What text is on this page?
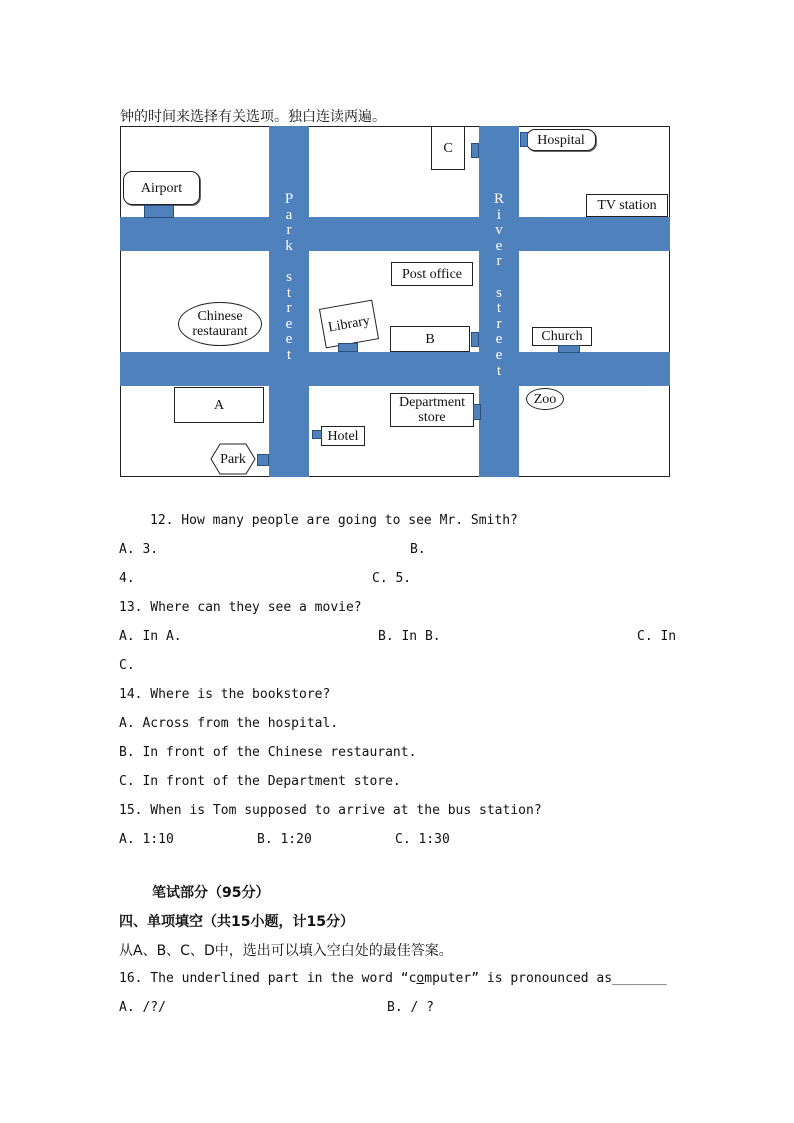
钟的时间来选择有关选项。独白连读两遍。
P
a
r
k

s
t
r
e
e
t
R
i
v
e
r

s
t
r
e
e
t
C
Hospital
Airport
TV station
Post office
Chinese
restaurant	Library
B	Church
A	Department
store
Zoo
Hotel
Park
12. How many people are going to see Mr. Smith?
A. 3.	B.
4.	C. 5.
13. Where can they see a movie?
A. In A.	B. In B.	C. In
C.
14. Where is the bookstore?
A. Across from the hospital.
B. In front of the Chinese restaurant.
C. In front of the Department store.
15. When is Tom supposed to arrive at the bus station?
A. 1:10	B. 1:20	C. 1:30
笔试部分（95分）
四、单项填空（共15小题，计15分）
从A、B、C、D中，选出可以填入空白处的最佳答案。
16. The underlined part in the word “computer” is pronounced as_______
A. /?/	B. / ?
